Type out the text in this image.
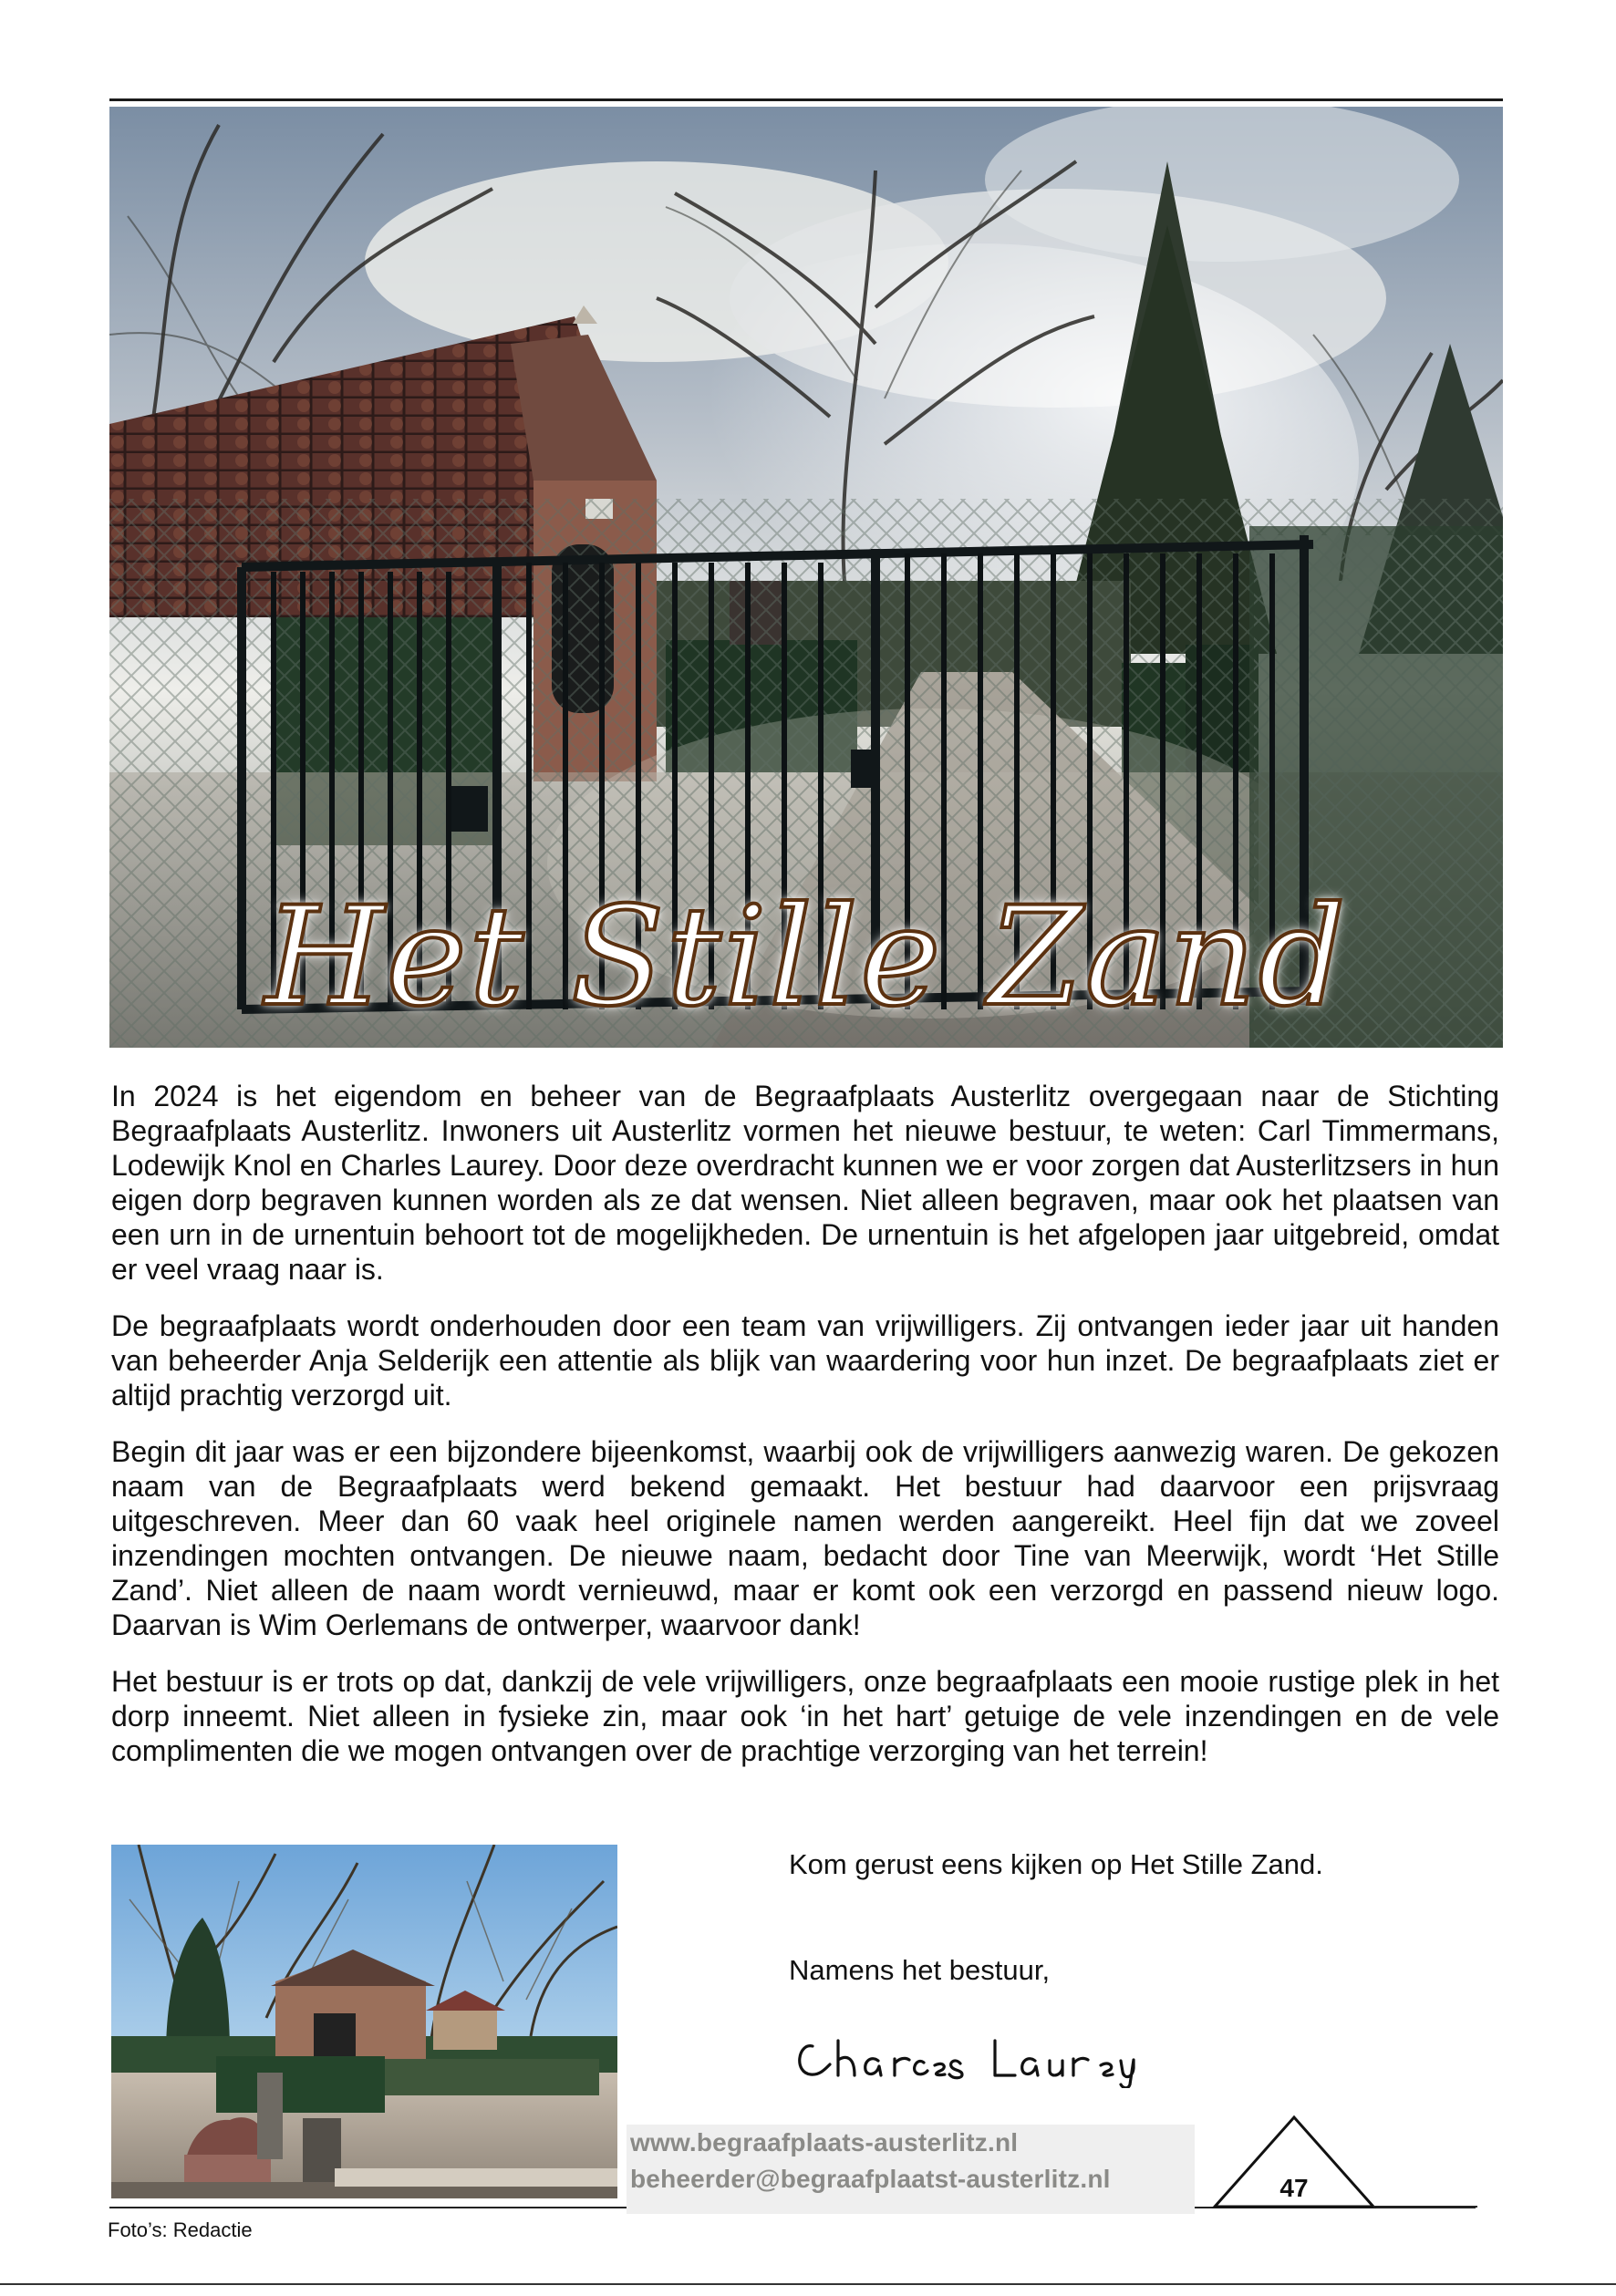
Het Stille Zand

In 2024 is het eigendom en beheer van de Begraafplaats Austerlitz overgegaan naar de Stichting Begraafplaats Austerlitz. Inwoners uit Austerlitz vormen het nieuwe bestuur, te weten: Carl Timmermans, Lodewijk Knol en Charles Laurey. Door deze overdracht kunnen we er voor zorgen dat Austerlitzsers in hun eigen dorp begraven kunnen worden als ze dat wensen. Niet alleen begraven, maar ook het plaatsen van een urn in de urnentuin behoort tot de mogelijkheden. De urnentuin is het afgelopen jaar uitgebreid, omdat er veel vraag naar is.

De begraafplaats wordt onderhouden door een team van vrijwilligers. Zij ontvangen ieder jaar uit handen van beheerder Anja Selderijk een attentie als blijk van waardering voor hun inzet. De begraafplaats ziet er altijd prachtig verzorgd uit.

Begin dit jaar was er een bijzondere bijeenkomst, waarbij ook de vrijwilligers aanwezig waren. De gekozen naam van de Begraafplaats werd bekend gemaakt. Het bestuur had daarvoor een prijsvraag uitgeschreven. Meer dan 60 vaak heel originele namen werden aangereikt. Heel fijn dat we zoveel inzendingen mochten ontvangen. De nieuwe naam, bedacht door Tine van Meerwijk, wordt ‘Het Stille Zand’. Niet alleen de naam wordt vernieuwd, maar er komt ook een verzorgd en passend nieuw logo. Daarvan is Wim Oerlemans de ontwerper, waarvoor dank!

Het bestuur is er trots op dat, dankzij de vele vrijwilligers, onze begraafplaats een mooie rustige plek in het dorp inneemt. Niet alleen in fysieke zin, maar ook ‘in het hart’ getuige de vele inzendingen en de vele complimenten die we mogen ontvangen over de prachtige verzorging van het terrein!

Kom gerust eens kijken op Het Stille Zand.
Namens het bestuur,
www.begraafplaats-austerlitz.nl
beheerder@begraafplaatst-austerlitz.nl	47
Foto’s: Redactie
